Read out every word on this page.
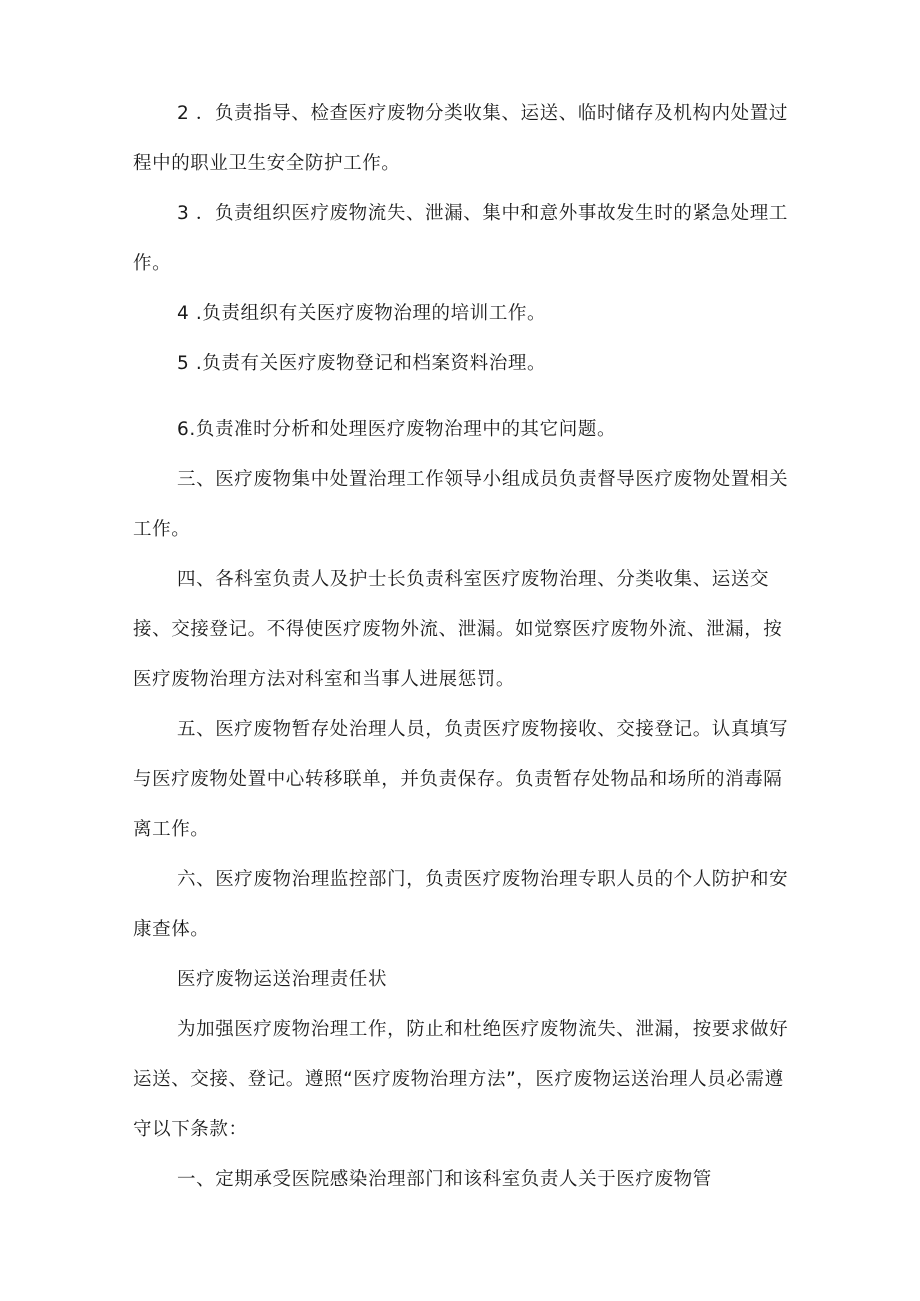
2 ．负责指导、检查医疗废物分类收集、运送、临时储存及机构内处置过程中的职业卫生安全防护工作。

3 ．负责组织医疗废物流失、泄漏、集中和意外事故发生时的紧急处理工作。

4 .负责组织有关医疗废物治理的培训工作。

5 .负责有关医疗废物登记和档案资料治理。

6.负责准时分析和处理医疗废物治理中的其它问题。

三、医疗废物集中处置治理工作领导小组成员负责督导医疗废物处置相关工作。

四、各科室负责人及护士长负责科室医疗废物治理、分类收集、运送交接、交接登记。不得使医疗废物外流、泄漏。如觉察医疗废物外流、泄漏，按医疗废物治理方法对科室和当事人进展惩罚。

五、医疗废物暂存处治理人员，负责医疗废物接收、交接登记。认真填写与医疗废物处置中心转移联单，并负责保存。负责暂存处物品和场所的消毒隔离工作。

六、医疗废物治理监控部门，负责医疗废物治理专职人员的个人防护和安康查体。

医疗废物运送治理责任状

为加强医疗废物治理工作，防止和杜绝医疗废物流失、泄漏，按要求做好运送、交接、登记。遵照“医疗废物治理方法”，医疗废物运送治理人员必需遵守以下条款：

一、定期承受医院感染治理部门和该科室负责人关于医疗废物管
